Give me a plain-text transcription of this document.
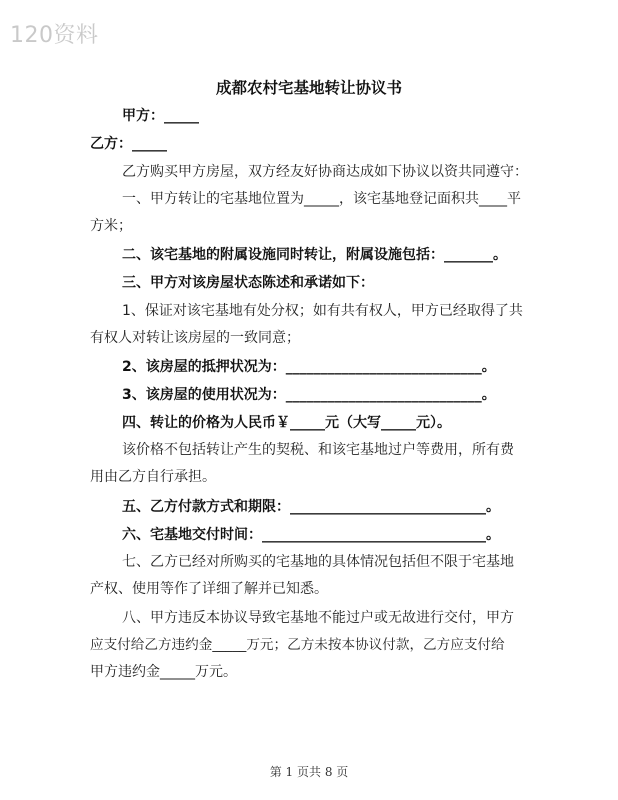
120资料
成都农村宅基地转让协议书
甲方：_____
乙方：_____
乙方购买甲方房屋，双方经友好协商达成如下协议以资共同遵守：
一、甲方转让的宅基地位置为_____，该宅基地登记面积共____平
方米；
二、该宅基地的附属设施同时转让，附属设施包括：_______。
三、甲方对该房屋状态陈述和承诺如下：
1、保证对该宅基地有处分权；如有共有权人，甲方已经取得了共
有权人对转让该房屋的一致同意；
2、该房屋的抵押状况为：____________________________。
3、该房屋的使用状况为：____________________________。
四、转让的价格为人民币￥_____元（大写_____元）。
该价格不包括转让产生的契税、和该宅基地过户等费用，所有费
用由乙方自行承担。
五、乙方付款方式和期限：____________________________。
六、宅基地交付时间：________________________________。
七、乙方已经对所购买的宅基地的具体情况包括但不限于宅基地
产权、使用等作了详细了解并已知悉。
八、甲方违反本协议导致宅基地不能过户或无故进行交付，甲方
应支付给乙方违约金_____万元；乙方未按本协议付款，乙方应支付给
甲方违约金_____万元。
第 1 页共 8 页
